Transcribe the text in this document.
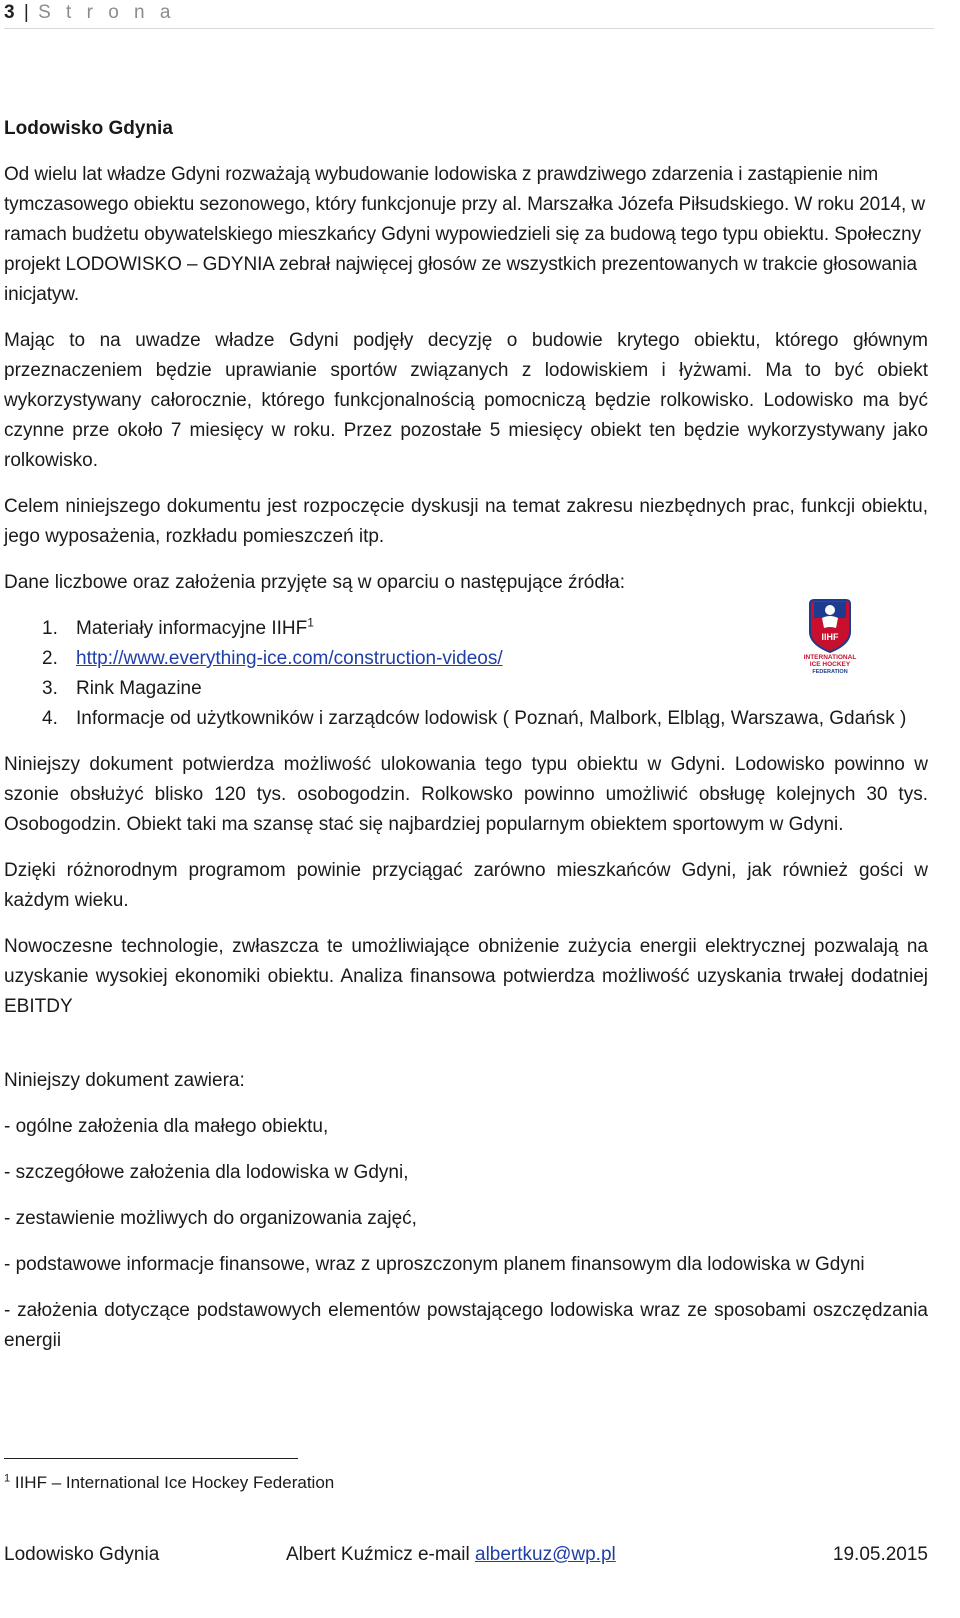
3 | S t r o n a

Lodowisko Gdynia

Od wielu lat władze Gdyni rozważają wybudowanie lodowiska z prawdziwego zdarzenia i zastąpienie nim tymczasowego obiektu sezonowego, który funkcjonuje przy al. Marszałka Józefa Piłsudskiego. W roku 2014, w ramach budżetu obywatelskiego mieszkańcy Gdyni wypowiedzieli się za budową tego typu obiektu. Społeczny projekt LODOWISKO – GDYNIA zebrał najwięcej głosów ze wszystkich prezentowanych w trakcie głosowania inicjatyw.

Mając to na uwadze władze Gdyni podjęły decyzję o budowie krytego obiektu, którego głównym przeznaczeniem będzie uprawianie sportów związanych z lodowiskiem i łyżwami. Ma to być obiekt wykorzystywany całorocznie, którego funkcjonalnością pomocniczą będzie rolkowisko. Lodowisko ma być czynne prze około 7 miesięcy w roku. Przez pozostałe 5 miesięcy obiekt ten będzie wykorzystywany jako rolkowisko.

Celem niniejszego dokumentu jest rozpoczęcie dyskusji na temat zakresu niezbędnych prac, funkcji obiektu, jego wyposażenia, rozkładu pomieszczeń itp.

Dane liczbowe oraz założenia przyjęte są w oparciu o następujące źródła:

1. Materiały informacyjne IIHF$^1$
2. http://www.everything-ice.com/construction-videos/
3. Rink Magazine
4. Informacje od użytkowników i zarządców lodowisk ( Poznań, Malbork, Elbląg, Warszawa, Gdańsk )

Niniejszy dokument potwierdza możliwość ulokowania tego typu obiektu w Gdyni. Lodowisko powinno w szonie obsłużyć blisko 120 tys. osobogodzin. Rolkowsko powinno umożliwić obsługę kolejnych 30 tys. Osobogodzin. Obiekt taki ma szansę stać się najbardziej popularnym obiektem sportowym w Gdyni.

Dzięki różnorodnym programom powinie przyciągać zarówno mieszkańców Gdyni, jak również gości w każdym wieku.

Nowoczesne technologie, zwłaszcza te umożliwiające obniżenie zużycia energii elektrycznej pozwalają na uzyskanie wysokiej ekonomiki obiektu. Analiza finansowa potwierdza możliwość uzyskania trwałej dodatniej EBITDY

Niniejszy dokument zawiera:

- ogólne założenia dla małego obiektu,

- szczegółowe założenia dla lodowiska w Gdyni,

- zestawienie możliwych do organizowania zajęć,

- podstawowe informacje finansowe, wraz z uproszczonym planem finansowym dla lodowiska w Gdyni

- założenia dotyczące podstawowych elementów powstającego lodowiska wraz ze sposobami oszczędzania energii

IIHF
INTERNATIONAL
ICE HOCKEY
FEDERATION
$^1$ IIHF – International Ice Hockey Federation
Lodowisko Gdynia	Albert Kuźmicz e-mail albertkuz@wp.pl	19.05.2015
